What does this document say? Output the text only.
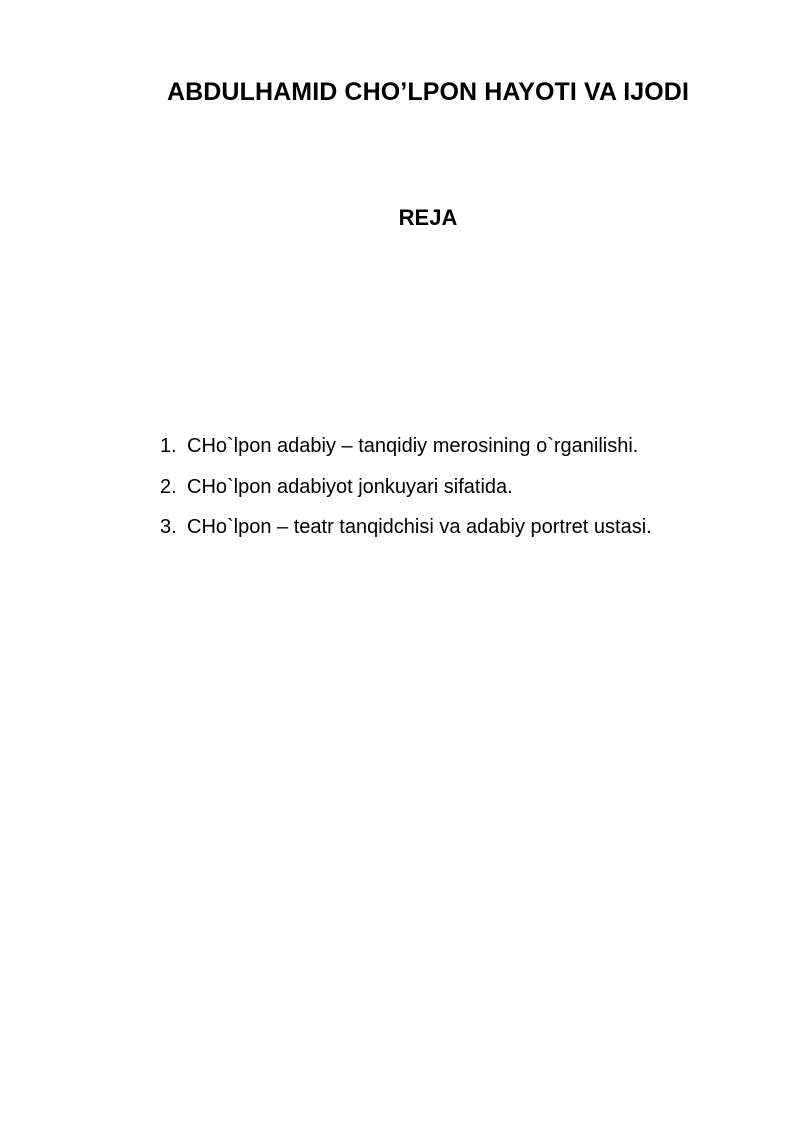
ABDULHAMID CHO’LPON HAYOTI VA IJODI
REJA
1. CHo`lpon adabiy – tanqidiy merosining o`rganilishi.
2. CHo`lpon adabiyot jonkuyari sifatida.
3. CHo`lpon – teatr tanqidchisi va adabiy portret ustasi.
